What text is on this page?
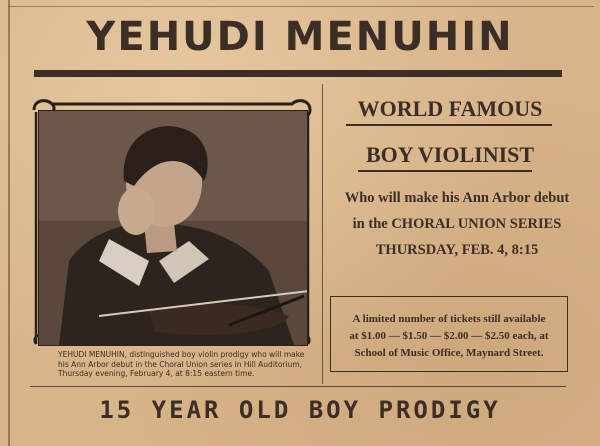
YEHUDI MENUHIN
YEHUDI MENUHIN, distinguished boy violin prodigy who will make his Ann Arbor debut in the Choral Union series in Hill Auditorium, Thursday evening, February 4, at 8:15 eastern time.
WORLD FAMOUS
BOY VIOLINIST
Who will make his Ann Arbor debut
in the CHORAL UNION SERIES
THURSDAY, FEB. 4, 8:15
A limited number of tickets still available
at $1.00 — $1.50 — $2.00 — $2.50 each, at
School of Music Office, Maynard Street.
15 YEAR OLD BOY PRODIGY
